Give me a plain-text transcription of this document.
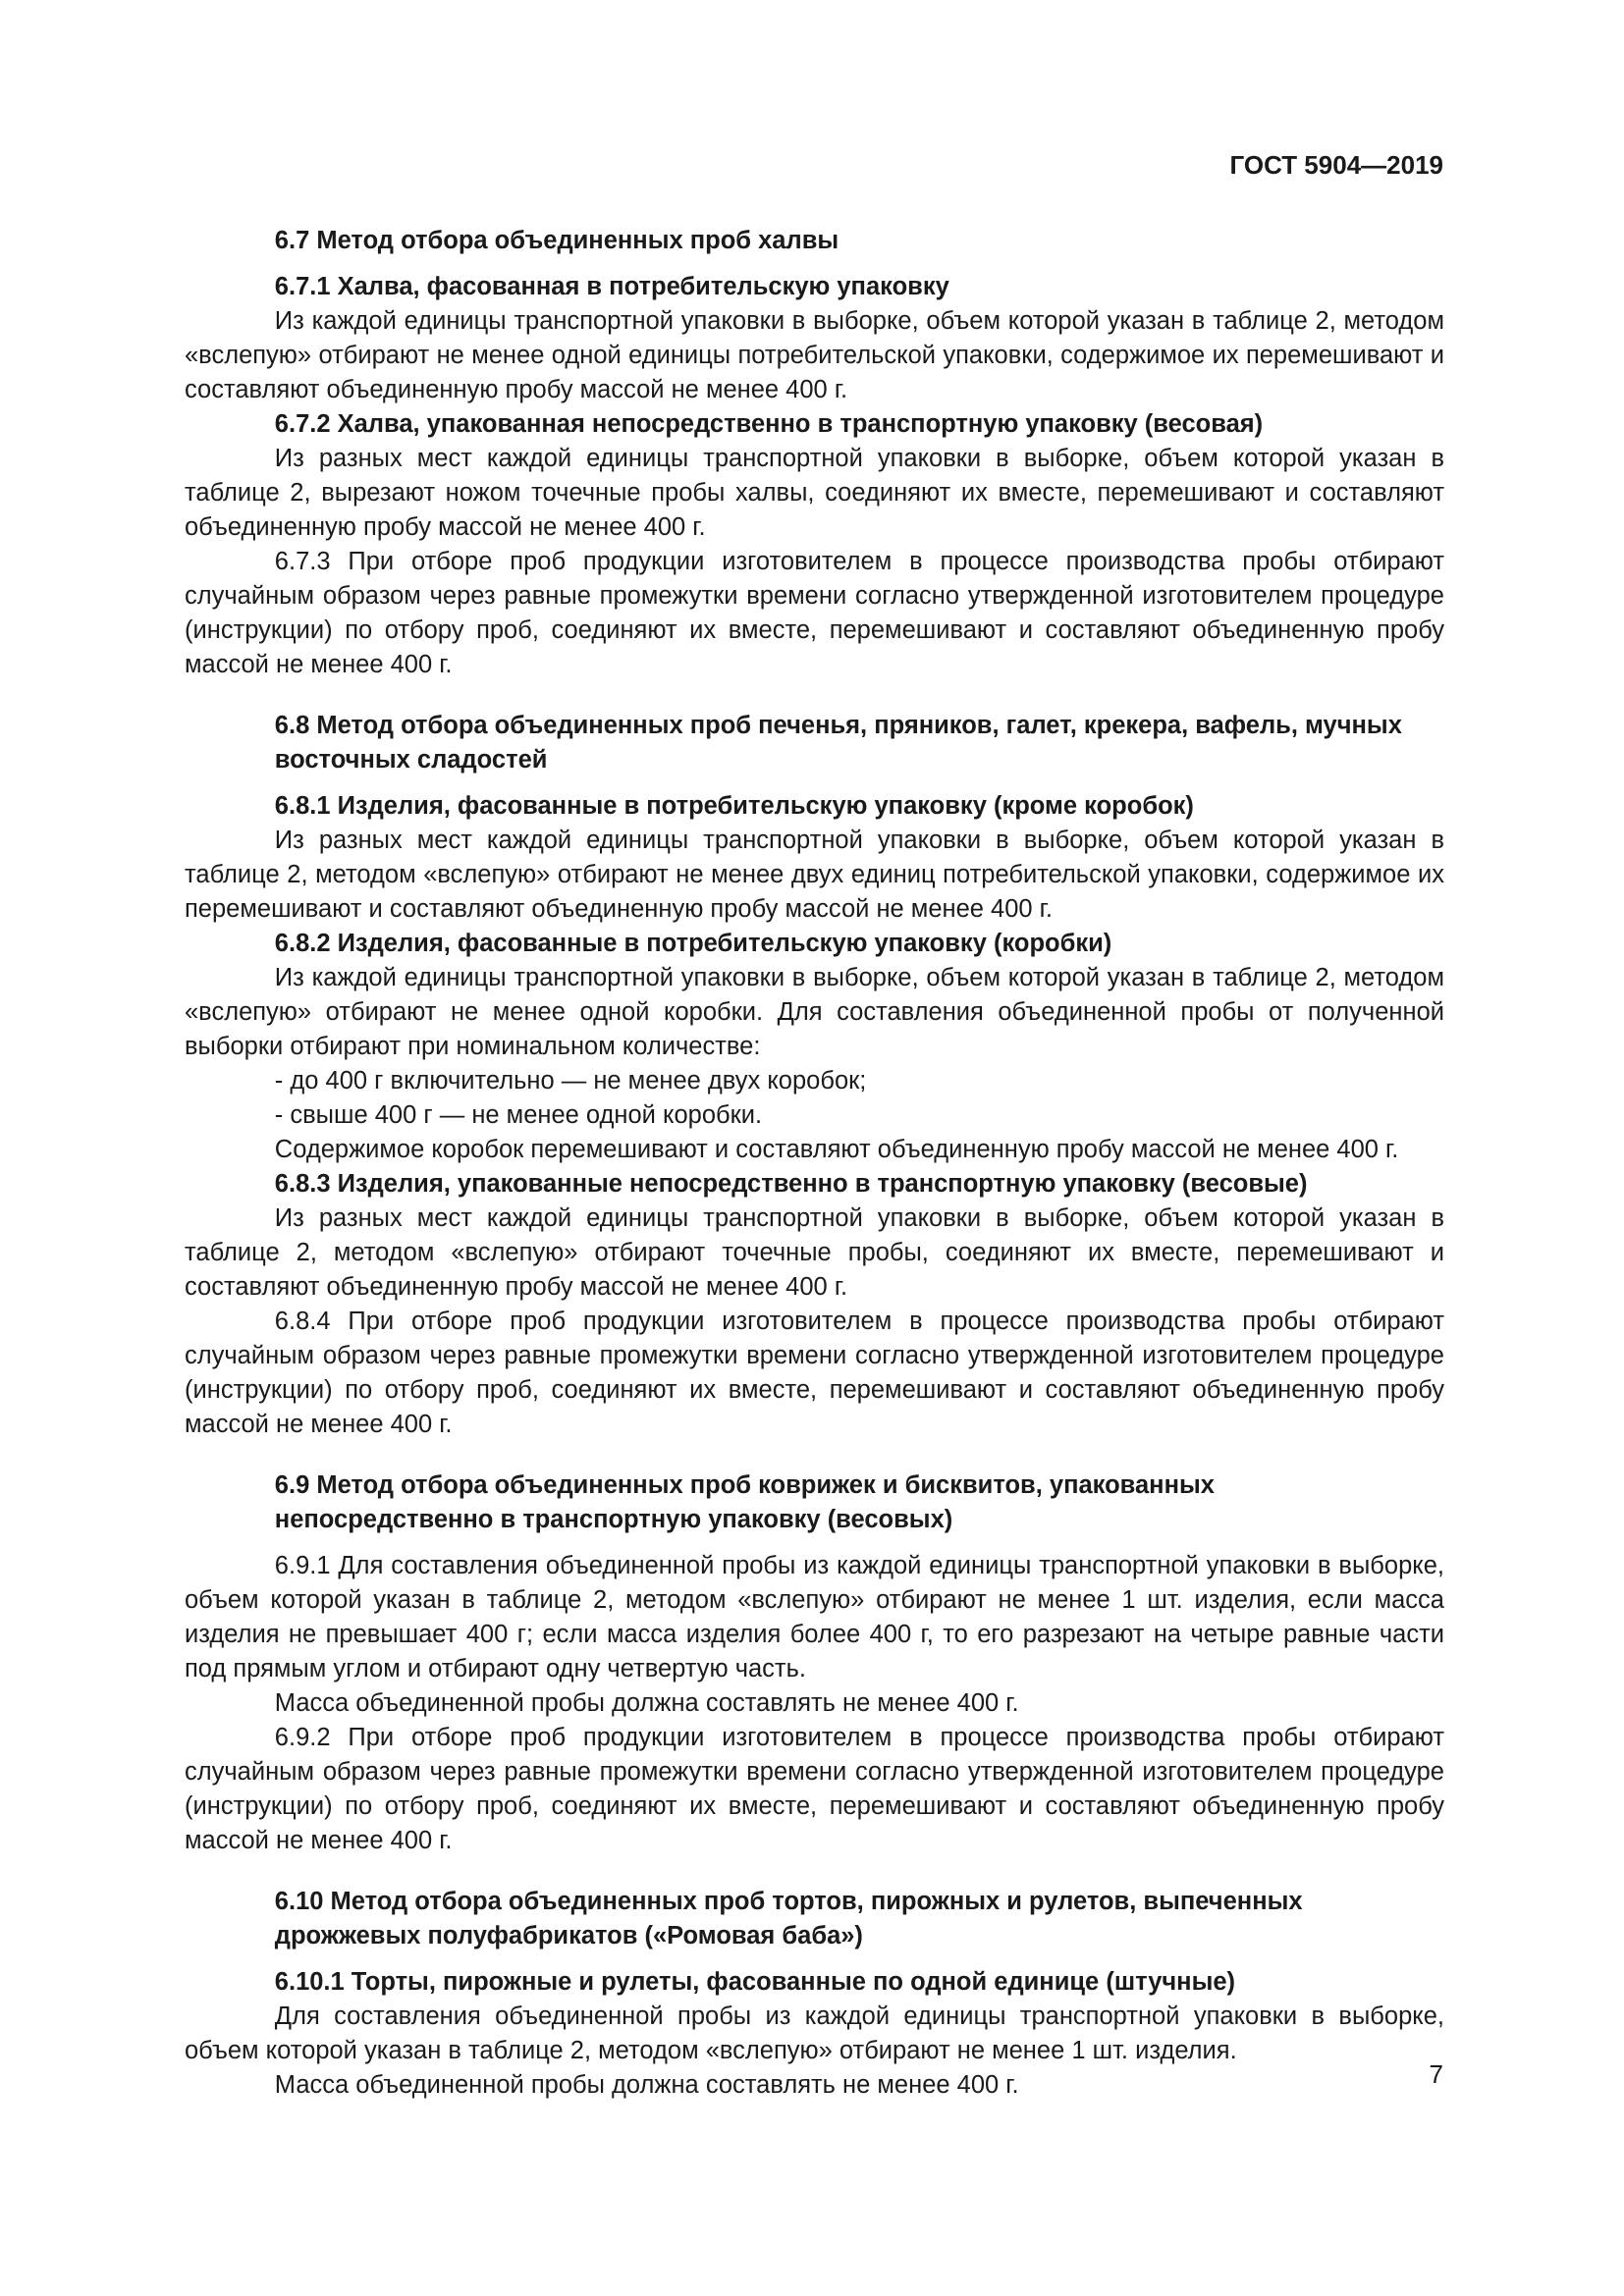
ГОСТ 5904—2019

6.7 Метод отбора объединенных проб халвы

6.7.1 Халва, фасованная в потребительскую упаковку

Из каждой единицы транспортной упаковки в выборке, объем которой указан в таблице 2, методом «вслепую» отбирают не менее одной единицы потребительской упаковки, содержимое их перемешивают и составляют объединенную пробу массой не менее 400 г.

6.7.2 Халва, упакованная непосредственно в транспортную упаковку (весовая)

Из разных мест каждой единицы транспортной упаковки в выборке, объем которой указан в таблице 2, вырезают ножом точечные пробы халвы, соединяют их вместе, перемешивают и составляют объединенную пробу массой не менее 400 г.

6.7.3 При отборе проб продукции изготовителем в процессе производства пробы отбирают случайным образом через равные промежутки времени согласно утвержденной изготовителем процедуре (инструкции) по отбору проб, соединяют их вместе, перемешивают и составляют объединенную пробу массой не менее 400 г.

6.8 Метод отбора объединенных проб печенья, пряников, галет, крекера, вафель, мучных

восточных сладостей

6.8.1 Изделия, фасованные в потребительскую упаковку (кроме коробок)

Из разных мест каждой единицы транспортной упаковки в выборке, объем которой указан в таблице 2, методом «вслепую» отбирают не менее двух единиц потребительской упаковки, содержимое их перемешивают и составляют объединенную пробу массой не менее 400 г.

6.8.2 Изделия, фасованные в потребительскую упаковку (коробки)

Из каждой единицы транспортной упаковки в выборке, объем которой указан в таблице 2, методом «вслепую» отбирают не менее одной коробки. Для составления объединенной пробы от полученной выборки отбирают при номинальном количестве:

- до 400 г включительно — не менее двух коробок;

- свыше 400 г — не менее одной коробки.

Содержимое коробок перемешивают и составляют объединенную пробу массой не менее 400 г.

6.8.3 Изделия, упакованные непосредственно в транспортную упаковку (весовые)

Из разных мест каждой единицы транспортной упаковки в выборке, объем которой указан в таблице 2, методом «вслепую» отбирают точечные пробы, соединяют их вместе, перемешивают и составляют объединенную пробу массой не менее 400 г.

6.8.4 При отборе проб продукции изготовителем в процессе производства пробы отбирают случайным образом через равные промежутки времени согласно утвержденной изготовителем процедуре (инструкции) по отбору проб, соединяют их вместе, перемешивают и составляют объединенную пробу массой не менее 400 г.

6.9 Метод отбора объединенных проб коврижек и бисквитов, упакованных

непосредственно в транспортную упаковку (весовых)

6.9.1 Для составления объединенной пробы из каждой единицы транспортной упаковки в выборке, объем которой указан в таблице 2, методом «вслепую» отбирают не менее 1 шт. изделия, если масса изделия не превышает 400 г; если масса изделия более 400 г, то его разрезают на четыре равные части под прямым углом и отбирают одну четвертую часть.

Масса объединенной пробы должна составлять не менее 400 г.

6.9.2 При отборе проб продукции изготовителем в процессе производства пробы отбирают случайным образом через равные промежутки времени согласно утвержденной изготовителем процедуре (инструкции) по отбору проб, соединяют их вместе, перемешивают и составляют объединенную пробу массой не менее 400 г.

6.10 Метод отбора объединенных проб тортов, пирожных и рулетов, выпеченных

дрожжевых полуфабрикатов («Ромовая баба»)

6.10.1 Торты, пирожные и рулеты, фасованные по одной единице (штучные)

Для составления объединенной пробы из каждой единицы транспортной упаковки в выборке, объем которой указан в таблице 2, методом «вслепую» отбирают не менее 1 шт. изделия.

Масса объединенной пробы должна составлять не менее 400 г.	7
